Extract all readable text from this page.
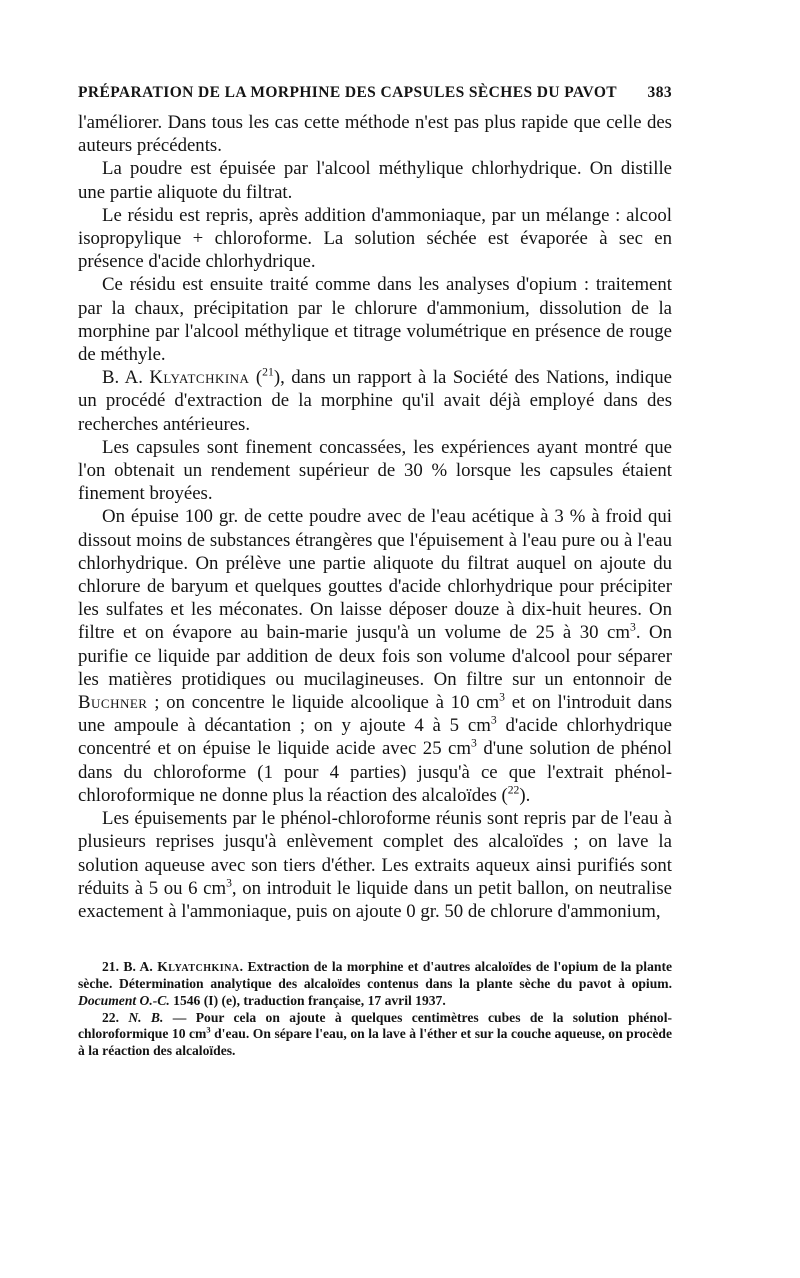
PRÉPARATION DE LA MORPHINE DES CAPSULES SÈCHES DU PAVOT 383

l'améliorer. Dans tous les cas cette méthode n'est pas plus rapide que celle des auteurs précédents.

La poudre est épuisée par l'alcool méthylique chlorhydrique. On distille une partie aliquote du filtrat.

Le résidu est repris, après addition d'ammoniaque, par un mélange : alcool isopropylique + chloroforme. La solution séchée est évaporée à sec en présence d'acide chlorhydrique.

Ce résidu est ensuite traité comme dans les analyses d'opium : traitement par la chaux, précipitation par le chlorure d'ammonium, dissolution de la morphine par l'alcool méthylique et titrage volumétrique en présence de rouge de méthyle.

B. A. Klyatchkina ($^{21}$), dans un rapport à la Société des Nations, indique un procédé d'extraction de la morphine qu'il avait déjà employé dans des recherches antérieures.

Les capsules sont finement concassées, les expériences ayant montré que l'on obtenait un rendement supérieur de 30 % lorsque les capsules étaient finement broyées.

On épuise 100 gr. de cette poudre avec de l'eau acétique à 3 % à froid qui dissout moins de substances étrangères que l'épuisement à l'eau pure ou à l'eau chlorhydrique. On prélève une partie aliquote du filtrat auquel on ajoute du chlorure de baryum et quelques gouttes d'acide chlorhydrique pour précipiter les sulfates et les méconates. On laisse déposer douze à dix-huit heures. On filtre et on évapore au bain-marie jusqu'à un volume de 25 à 30 $cm^3$. On purifie ce liquide par addition de deux fois son volume d'alcool pour séparer les matières protidiques ou mucilagineuses. On filtre sur un entonnoir de Buchner ; on concentre le liquide alcoolique à 10 $cm^3$ et on l'introduit dans une ampoule à décantation ; on y ajoute 4 à 5 $cm^3$ d'acide chlorhydrique concentré et on épuise le liquide acide avec 25 $cm^3$ d'une solution de phénol dans du chloroforme (1 pour 4 parties) jusqu'à ce que l'extrait phénol-chloroformique ne donne plus la réaction des alcaloïdes ($^{22}$).

Les épuisements par le phénol-chloroforme réunis sont repris par de l'eau à plusieurs reprises jusqu'à enlèvement complet des alcaloïdes ; on lave la solution aqueuse avec son tiers d'éther. Les extraits aqueux ainsi purifiés sont réduits à 5 ou 6 $cm^3$, on introduit le liquide dans un petit ballon, on neutralise exactement à l'ammoniaque, puis on ajoute 0 gr. 50 de chlorure d'ammonium,

21. B. A. Klyatchkina. Extraction de la morphine et d'autres alcaloïdes de l'opium de la plante sèche. Détermination analytique des alcaloïdes contenus dans la plante sèche du pavot à opium. Document O.-C. 1546 (I) (e), traduction française, 17 avril 1937.

22. N. B. — Pour cela on ajoute à quelques centimètres cubes de la solution phénol-chloroformique 10 $cm^3$ d'eau. On sépare l'eau, on la lave à l'éther et sur la couche aqueuse, on procède à la réaction des alcaloïdes.
